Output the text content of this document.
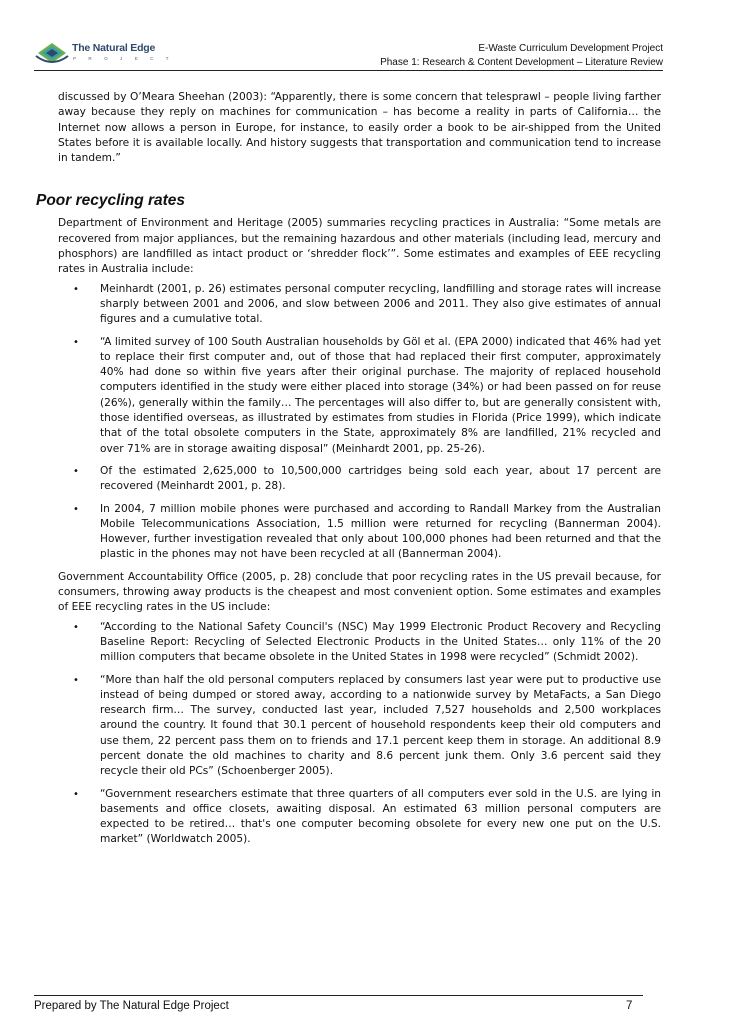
The Natural Edge
P R O J E C T
E-Waste Curriculum Development Project
Phase 1: Research & Content Development – Literature Review

discussed by O’Meara Sheehan (2003): “Apparently, there is some concern that telesprawl – people living farther away because they reply on machines for communication – has become a reality in parts of California… the Internet now allows a person in Europe, for instance, to easily order a book to be air-shipped from the United States before it is available locally. And history suggests that transportation and communication tend to increase in tandem.”

Poor recycling rates

Department of Environment and Heritage (2005) summaries recycling practices in Australia: “Some metals are recovered from major appliances, but the remaining hazardous and other materials (including lead, mercury and phosphors) are landfilled as intact product or ‘shredder flock’”. Some estimates and examples of EEE recycling rates in Australia include:

• Meinhardt (2001, p. 26) estimates personal computer recycling, landfilling and storage rates will increase sharply between 2001 and 2006, and slow between 2006 and 2011. They also give estimates of annual figures and a cumulative total.
• “A limited survey of 100 South Australian households by Göl et al. (EPA 2000) indicated that 46% had yet to replace their first computer and, out of those that had replaced their first computer, approximately 40% had done so within five years after their original purchase. The majority of replaced household computers identified in the study were either placed into storage (34%) or had been passed on for reuse (26%), generally within the family… The percentages will also differ to, but are generally consistent with, those identified overseas, as illustrated by estimates from studies in Florida (Price 1999), which indicate that of the total obsolete computers in the State, approximately 8% are landfilled, 21% recycled and over 71% are in storage awaiting disposal” (Meinhardt 2001, pp. 25-26).
• Of the estimated 2,625,000 to 10,500,000 cartridges being sold each year, about 17 percent are recovered (Meinhardt 2001, p. 28).
• In 2004, 7 million mobile phones were purchased and according to Randall Markey from the Australian Mobile Telecommunications Association, 1.5 million were returned for recycling (Bannerman 2004). However, further investigation revealed that only about 100,000 phones had been returned and that the plastic in the phones may not have been recycled at all (Bannerman 2004).

Government Accountability Office (2005, p. 28) conclude that poor recycling rates in the US prevail because, for consumers, throwing away products is the cheapest and most convenient option. Some estimates and examples of EEE recycling rates in the US include:

• “According to the National Safety Council's (NSC) May 1999 Electronic Product Recovery and Recycling Baseline Report: Recycling of Selected Electronic Products in the United States… only 11% of the 20 million computers that became obsolete in the United States in 1998 were recycled” (Schmidt 2002).
• “More than half the old personal computers replaced by consumers last year were put to productive use instead of being dumped or stored away, according to a nationwide survey by MetaFacts, a San Diego research firm… The survey, conducted last year, included 7,527 households and 2,500 workplaces around the country. It found that 30.1 percent of household respondents keep their old computers and use them, 22 percent pass them on to friends and 17.1 percent keep them in storage. An additional 8.9 percent donate the old machines to charity and 8.6 percent junk them. Only 3.6 percent said they recycle their old PCs” (Schoenberger 2005).
• “Government researchers estimate that three quarters of all computers ever sold in the U.S. are lying in basements and office closets, awaiting disposal. An estimated 63 million personal computers are expected to be retired… that's one computer becoming obsolete for every new one put on the U.S. market” (Worldwatch 2005).
Prepared by The Natural Edge Project	7
